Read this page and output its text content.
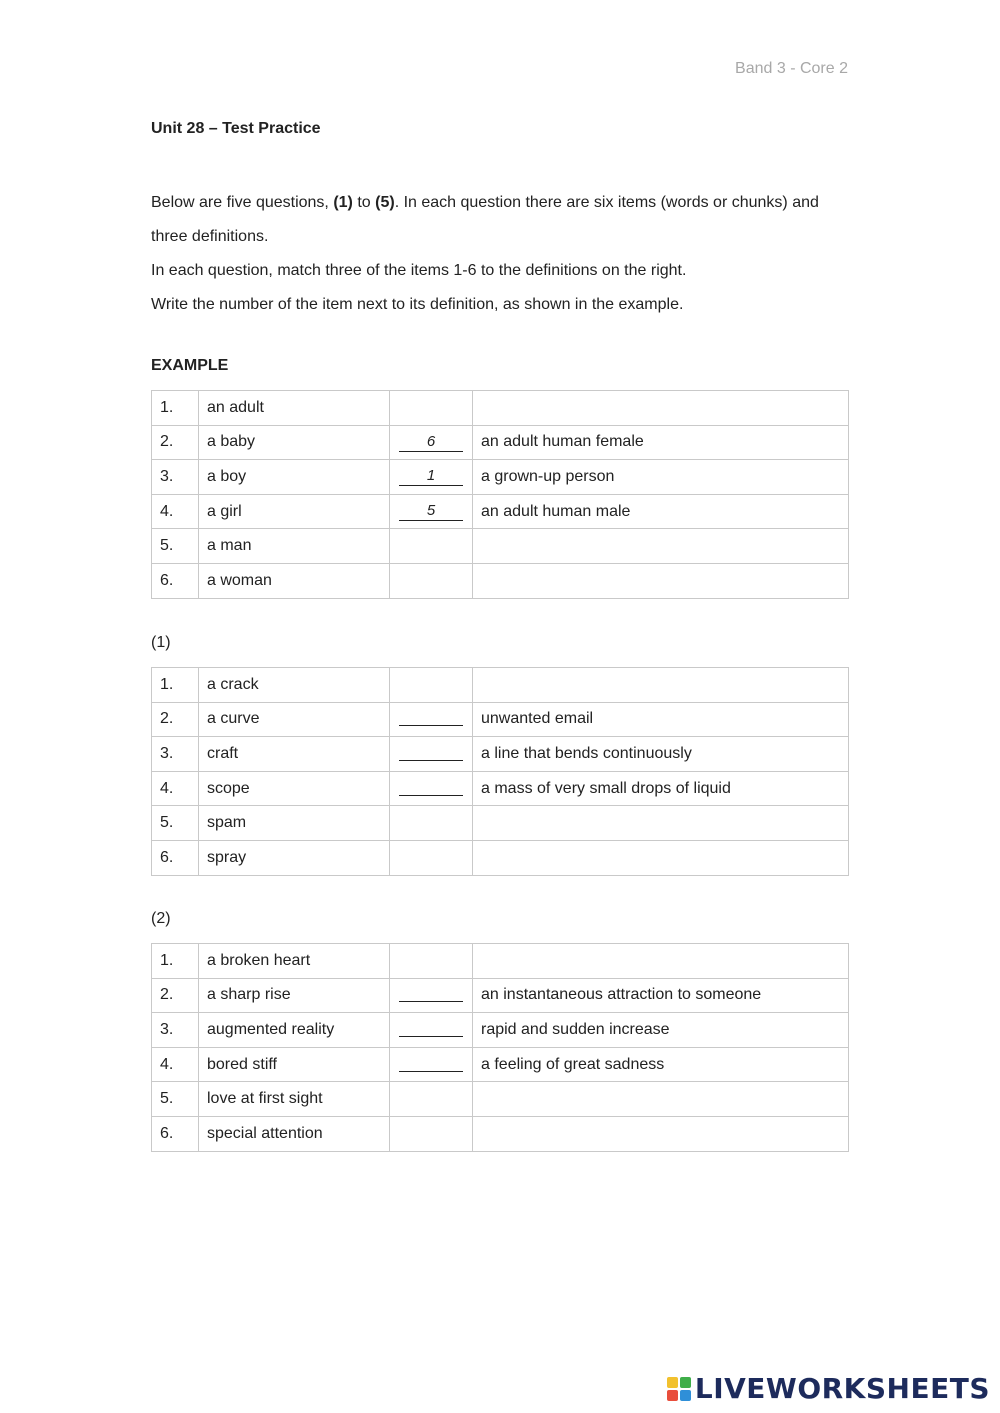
Band 3 - Core 2
Unit 28 – Test Practice
Below are five questions, (1) to (5). In each question there are six items (words or chunks) and three definitions.
In each question, match three of the items 1-6 to the definitions on the right.
Write the number of the item next to its definition, as shown in the example.
EXAMPLE
1.	an adult		
2.	a baby	6	an adult human female
3.	a boy	1	a grown-up person
4.	a girl	5	an adult human male
5.	a man		
6.	a woman		
(1)
1.	a crack		
2.	a curve		unwanted email
3.	craft		a line that bends continuously
4.	scope		a mass of very small drops of liquid
5.	spam		
6.	spray		
(2)
1.	a broken heart		
2.	a sharp rise		an instantaneous attraction to someone
3.	augmented reality		rapid and sudden increase
4.	bored stiff		a feeling of great sadness
5.	love at first sight		
6.	special attention		
LIVEWORKSHEETS
